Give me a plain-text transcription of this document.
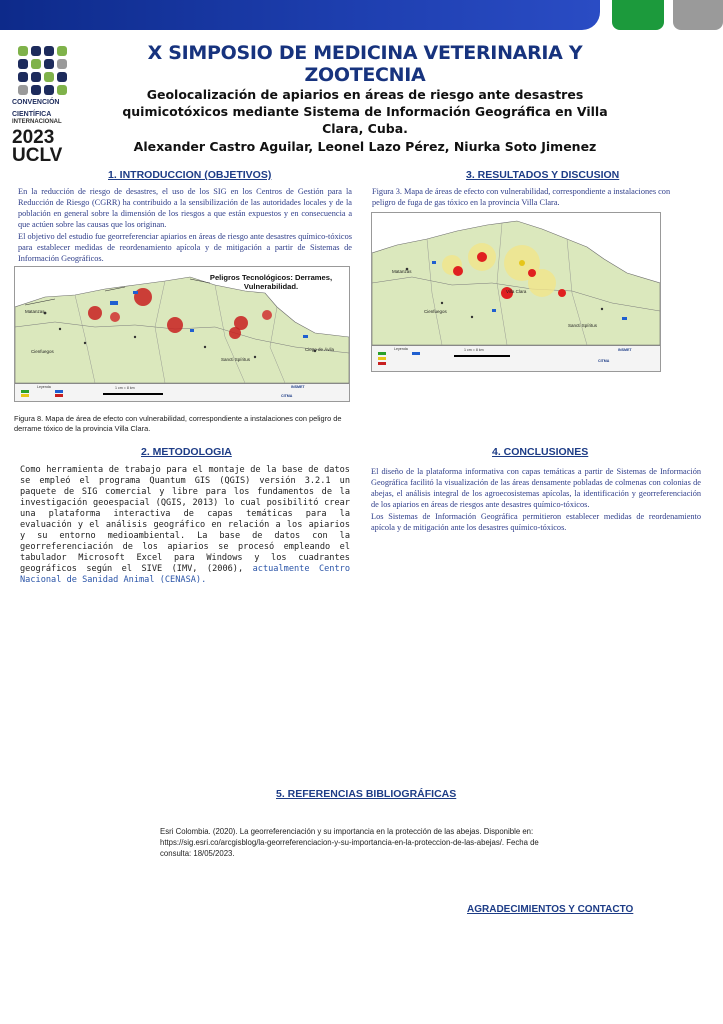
CONVENCIÓN
CIENTÍFICA
INTERNACIONAL
2023
UCLV
X SIMPOSIO DE MEDICINA VETERINARIA Y ZOOTECNIA
Geolocalización de apiarios en áreas de riesgo ante desastres quimicotóxicos mediante Sistema de Información Geográfica en Villa Clara, Cuba.
Alexander Castro Aguilar, Leonel Lazo Pérez, Niurka Soto Jimenez
1. INTRODUCCION (OBJETIVOS)

En la reducción de riesgo de desastres, el uso de los SIG en los Centros de Gestión para la Reducción de Riesgo (CGRR) ha contribuido a la sensibilización de las autoridades locales y de la población en general sobre la dimensión de los riesgos a que están expuestos y en consecuencia a que actúen sobre las causas que los originan.

El objetivo del estudio fue georreferenciar apiarios en áreas de riesgo ante desastres químico-tóxicos para establecer medidas de reordenamiento apícola y de mitigación a partir de Sistemas de Información Geográficos.

Peligros Tecnológicos: Derrames, Vulnerabilidad.
Matanzas
Cienfuegos
Sancti Spíritus
Ciego de Ávila
Leyenda	1 cm = 8 km	INSMET
CITMA
Figura 8. Mapa de área de efecto con vulnerabilidad, correspondiente a instalaciones con peligro de derrame tóxico de la provincia Villa Clara.
3. RESULTADOS Y DISCUSION
Figura 3. Mapa de áreas de efecto con vulnerabilidad, correspondiente a instalaciones con peligro de fuga de gas tóxico en la provincia Villa Clara.
Matanzas
Cienfuegos
Villa Clara
Sancti Spíritus
Leyenda	1 cm = 8 km	INSMET
CITMA
2. METODOLOGIA
Como herramienta de trabajo para el montaje de la base de datos se empleó el programa Quantum GIS (QGIS) versión 3.2.1 un paquete de SIG comercial y libre para los fundamentos de la investigación geoespacial (QGIS, 2013) lo cual posibilitó crear una plataforma interactiva de capas temáticas para la evaluación y el análisis geográfico en relación a los apiarios y su entorno medioambiental. La base de datos con la georreferenciación de los apiarios se procesó empleando el tabulador Microsoft Excel para Windows y los cuadrantes geográficos según el SIVE (IMV, (2006), actualmente Centro Nacional de Sanidad Animal (CENASA).
4. CONCLUSIONES

El diseño de la plataforma informativa con capas temáticas a partir de Sistemas de Información Geográfica facilitó la visualización de las áreas densamente pobladas de colmenas con colonias de abejas, el análisis integral de los agroecosistemas apícolas, la identificación y georreferenciación de los apiarios en áreas de riesgos ante desastres químico-tóxicos.

Los Sistemas de Información Geográfica permitieron establecer medidas de reordenamiento apícola y de mitigación ante los desastres químico-tóxicos.

5. REFERENCIAS BIBLIOGRÁFICAS
Esri Colombia. (2020). La georreferenciación y su importancia en la protección de las abejas. Disponible en: https://sig.esri.co/arcgisblog/la-georreferenciacion-y-su-importancia-en-la-proteccion-de-las-abejas/. Fecha de consulta: 18/05/2023.
AGRADECIMIENTOS Y CONTACTO
